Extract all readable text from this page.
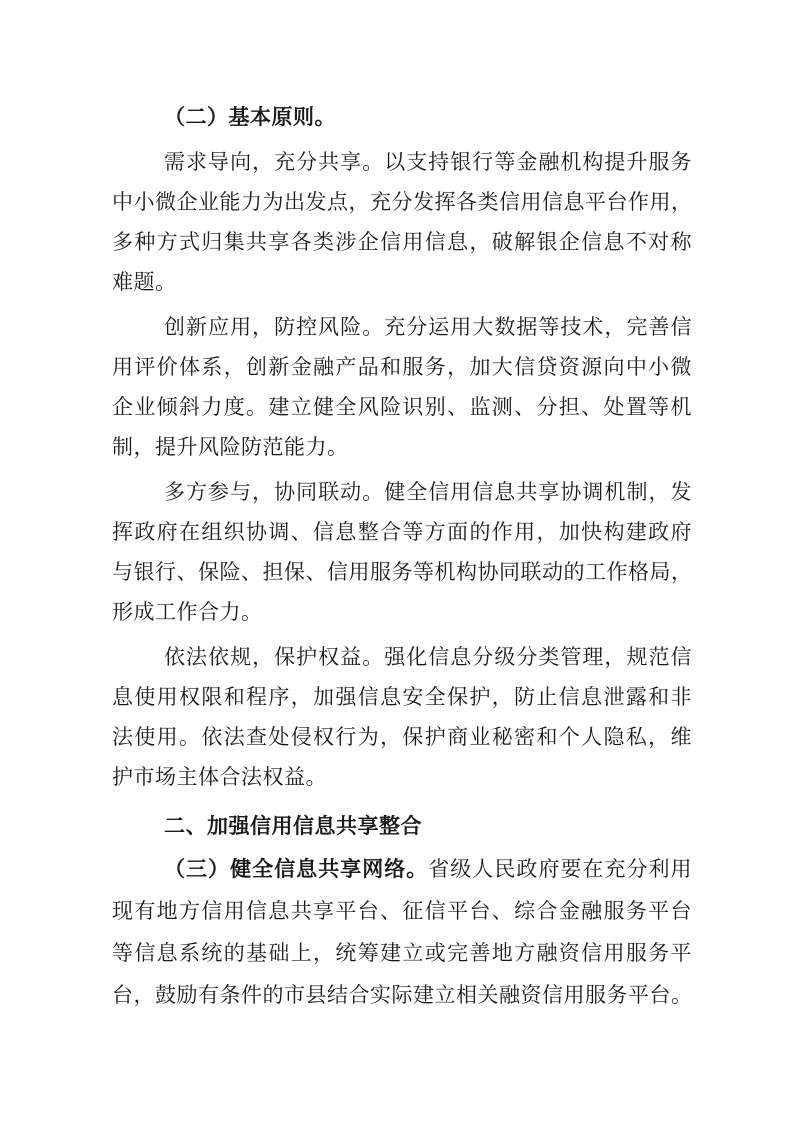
（二）基本原则。
需求导向，充分共享。以支持银行等金融机构提升服务
中小微企业能力为出发点，充分发挥各类信用信息平台作用，
多种方式归集共享各类涉企信用信息，破解银企信息不对称
难题。
创新应用，防控风险。充分运用大数据等技术，完善信
用评价体系，创新金融产品和服务，加大信贷资源向中小微
企业倾斜力度。建立健全风险识别、监测、分担、处置等机
制，提升风险防范能力。
多方参与，协同联动。健全信用信息共享协调机制，发
挥政府在组织协调、信息整合等方面的作用，加快构建政府
与银行、保险、担保、信用服务等机构协同联动的工作格局，
形成工作合力。
依法依规，保护权益。强化信息分级分类管理，规范信
息使用权限和程序，加强信息安全保护，防止信息泄露和非
法使用。依法查处侵权行为，保护商业秘密和个人隐私，维
护市场主体合法权益。
二、加强信用信息共享整合
（三）健全信息共享网络。省级人民政府要在充分利用
现有地方信用信息共享平台、征信平台、综合金融服务平台
等信息系统的基础上，统筹建立或完善地方融资信用服务平
台，鼓励有条件的市县结合实际建立相关融资信用服务平台。
